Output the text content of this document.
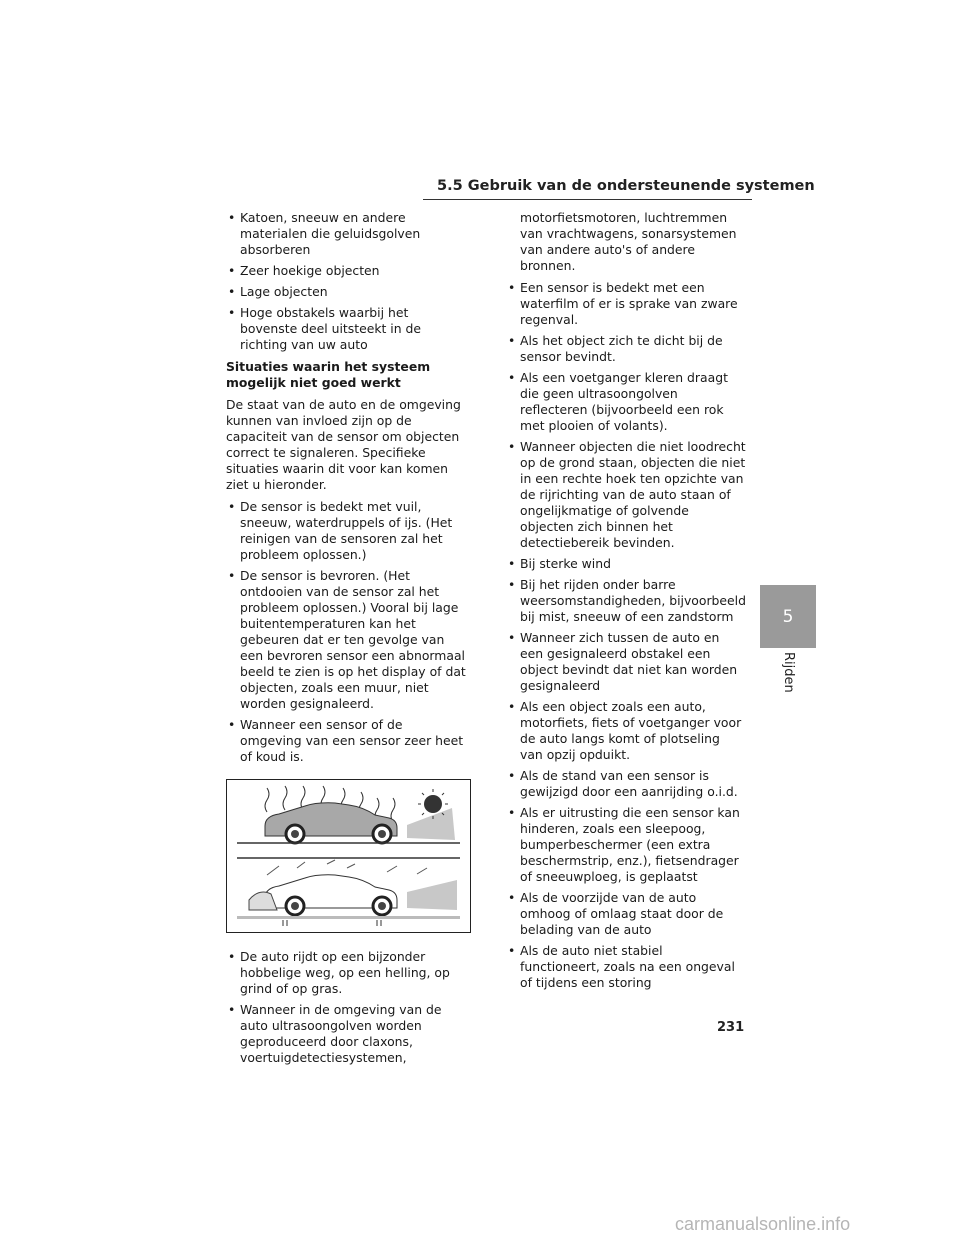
5.5 Gebruik van de ondersteunende systemen
• Katoen, sneeuw en andere materialen die geluidsgolven absorberen
• Zeer hoekige objecten
• Lage objecten
• Hoge obstakels waarbij het bovenste deel uitsteekt in de richting van uw auto

Situaties waarin het systeem mogelijk niet goed werkt

De staat van de auto en de omgeving kunnen van invloed zijn op de capaciteit van de sensor om objecten correct te signaleren. Specifieke situaties waarin dit voor kan komen ziet u hieronder.

• De sensor is bedekt met vuil, sneeuw, waterdruppels of ijs. (Het reinigen van de sensoren zal het probleem oplossen.)
• De sensor is bevroren. (Het ontdooien van de sensor zal het probleem oplossen.) Vooral bij lage buitentemperaturen kan het gebeuren dat er ten gevolge van een bevroren sensor een abnormaal beeld te zien is op het display of dat objecten, zoals een muur, niet worden gesignaleerd.
• Wanneer een sensor of de omgeving van een sensor zeer heet of koud is.
• De auto rijdt op een bijzonder hobbelige weg, op een helling, op grind of op gras.
• Wanneer in de omgeving van de auto ultrasoongolven worden geproduceerd door claxons, voertuigdetectiesystemen,

motorfietsmotoren, luchtremmen van vrachtwagens, sonarsystemen van andere auto's of andere bronnen.

• Een sensor is bedekt met een waterfilm of er is sprake van zware regenval.
• Als het object zich te dicht bij de sensor bevindt.
• Als een voetganger kleren draagt die geen ultrasoongolven reflecteren (bijvoorbeeld een rok met plooien of volants).
• Wanneer objecten die niet loodrecht op de grond staan, objecten die niet in een rechte hoek ten opzichte van de rijrichting van de auto staan of ongelijkmatige of golvende objecten zich binnen het detectiebereik bevinden.
• Bij sterke wind
• Bij het rijden onder barre weersomstandigheden, bijvoorbeeld bij mist, sneeuw of een zandstorm
• Wanneer zich tussen de auto en een gesignaleerd obstakel een object bevindt dat niet kan worden gesignaleerd
• Als een object zoals een auto, motorfiets, fiets of voetganger voor de auto langs komt of plotseling van opzij opduikt.
• Als de stand van een sensor is gewijzigd door een aanrijding o.i.d.
• Als er uitrusting die een sensor kan hinderen, zoals een sleepoog, bumperbeschermer (een extra beschermstrip, enz.), fietsendrager of sneeuwploeg, is geplaatst
• Als de voorzijde van de auto omhoog of omlaag staat door de belading van de auto
• Als de auto niet stabiel functioneert, zoals na een ongeval of tijdens een storing
5
Rijden
231
carmanualsonline.info
